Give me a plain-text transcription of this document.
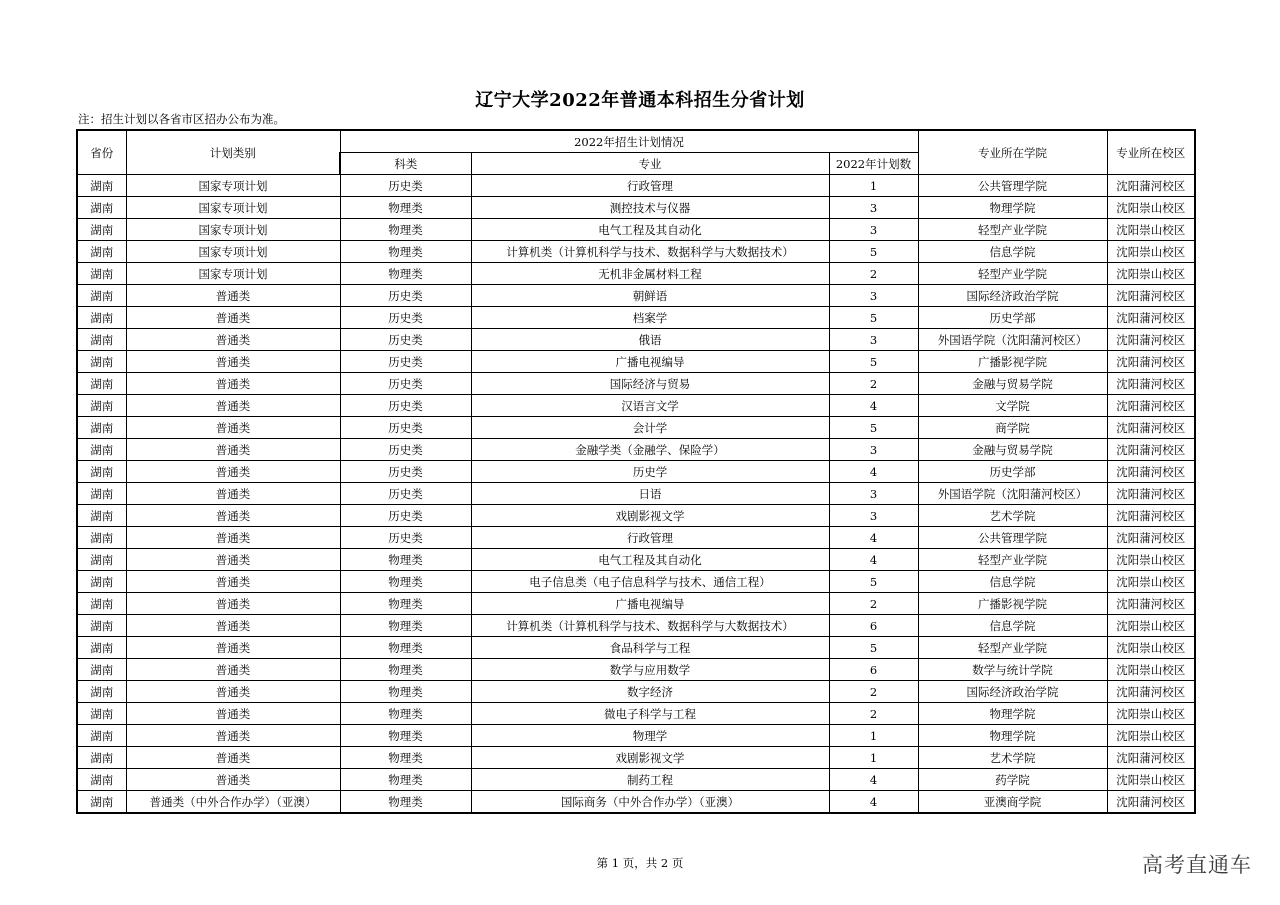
辽宁大学2022年普通本科招生分省计划
注：招生计划以各省市区招办公布为准。
省份	计划类别	2022年招生计划情况			专业所在学院	专业所在校区
		科类	专业	2022年计划数		
湖南	国家专项计划	历史类	行政管理	1	公共管理学院	沈阳蒲河校区
湖南	国家专项计划	物理类	测控技术与仪器	3	物理学院	沈阳崇山校区
湖南	国家专项计划	物理类	电气工程及其自动化	3	轻型产业学院	沈阳崇山校区
湖南	国家专项计划	物理类	计算机类（计算机科学与技术、数据科学与大数据技术）	5	信息学院	沈阳崇山校区
湖南	国家专项计划	物理类	无机非金属材料工程	2	轻型产业学院	沈阳崇山校区
湖南	普通类	历史类	朝鲜语	3	国际经济政治学院	沈阳蒲河校区
湖南	普通类	历史类	档案学	5	历史学部	沈阳蒲河校区
湖南	普通类	历史类	俄语	3	外国语学院（沈阳蒲河校区）	沈阳蒲河校区
湖南	普通类	历史类	广播电视编导	5	广播影视学院	沈阳蒲河校区
湖南	普通类	历史类	国际经济与贸易	2	金融与贸易学院	沈阳蒲河校区
湖南	普通类	历史类	汉语言文学	4	文学院	沈阳蒲河校区
湖南	普通类	历史类	会计学	5	商学院	沈阳蒲河校区
湖南	普通类	历史类	金融学类（金融学、保险学）	3	金融与贸易学院	沈阳蒲河校区
湖南	普通类	历史类	历史学	4	历史学部	沈阳蒲河校区
湖南	普通类	历史类	日语	3	外国语学院（沈阳蒲河校区）	沈阳蒲河校区
湖南	普通类	历史类	戏剧影视文学	3	艺术学院	沈阳蒲河校区
湖南	普通类	历史类	行政管理	4	公共管理学院	沈阳蒲河校区
湖南	普通类	物理类	电气工程及其自动化	4	轻型产业学院	沈阳崇山校区
湖南	普通类	物理类	电子信息类（电子信息科学与技术、通信工程）	5	信息学院	沈阳崇山校区
湖南	普通类	物理类	广播电视编导	2	广播影视学院	沈阳蒲河校区
湖南	普通类	物理类	计算机类（计算机科学与技术、数据科学与大数据技术）	6	信息学院	沈阳崇山校区
湖南	普通类	物理类	食品科学与工程	5	轻型产业学院	沈阳崇山校区
湖南	普通类	物理类	数学与应用数学	6	数学与统计学院	沈阳崇山校区
湖南	普通类	物理类	数字经济	2	国际经济政治学院	沈阳蒲河校区
湖南	普通类	物理类	微电子科学与工程	2	物理学院	沈阳崇山校区
湖南	普通类	物理类	物理学	1	物理学院	沈阳崇山校区
湖南	普通类	物理类	戏剧影视文学	1	艺术学院	沈阳蒲河校区
湖南	普通类	物理类	制药工程	4	药学院	沈阳崇山校区
湖南	普通类（中外合作办学）（亚澳）	物理类	国际商务（中外合作办学）（亚澳）	4	亚澳商学院	沈阳蒲河校区
第 1 页，共 2 页	高考直通车
